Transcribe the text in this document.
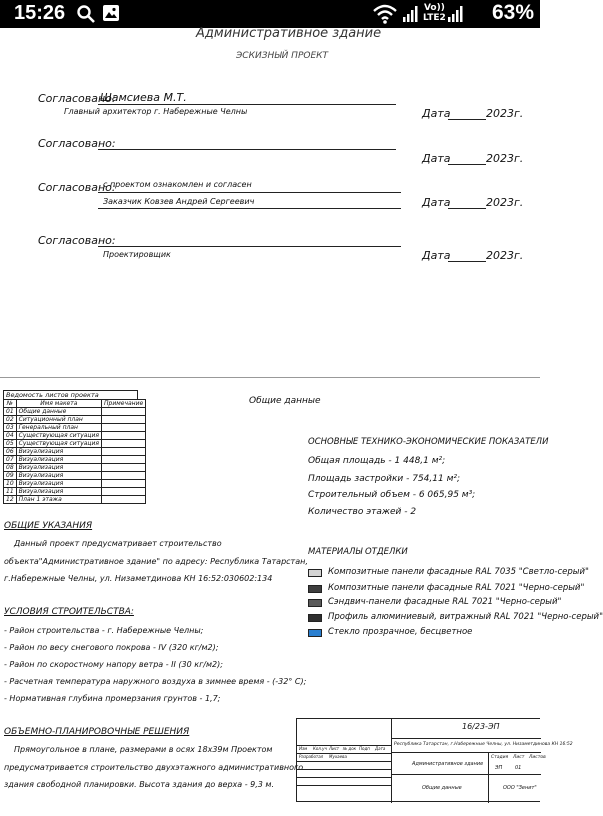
15:26	Vo))
LTE2 63%
Административное здание
ЭСКИЗНЫЙ ПРОЕКТ
Согласовано:
Шамсиева М.Т.
Главный архитектор г. Набережные Челны	Дата	2023г.
Согласовано:
Дата	2023г.
Согласовано:
с проектом ознакомлен и согласен
Заказчик Ковзев Андрей Сергеевич	Дата	2023г.
Согласовано:
Проектировщик	Дата	2023г.
Ведомость листов проекта
№	Имя макета	Примечание
01	Общие данные	
02	Ситуационный план	
03	Генеральный план	
04	Существующая ситуация	
05	Существующая ситуация	
06	Визуализация	
07	Визуализация	
08	Визуализация	
09	Визуализация	
10	Визуализация	
11	Визуализация	
12	План 1 этажа	
Общие данные
ОСНОВНЫЕ ТЕХНИКО-ЭКОНОМИЧЕСКИЕ ПОКАЗАТЕЛИ
Общая площадь - 1 448,1 м²;
Площадь застройки - 754,11 м²;
Строительный объем - 6 065,95 м³;
Количество этажей - 2
МАТЕРИАЛЫ ОТДЕЛКИ
Композитные панели фасадные RAL 7035 "Светло-серый"
Композитные панели фасадные RAL 7021 "Черно-серый"
Сэндвич-панели фасадные RAL 7021 "Черно-серый"
Профиль алюминиевый, витражный RAL 7021 "Черно-серый"
Стекло прозрачное, бесцветное
ОБЩИЕ УКАЗАНИЯ
Данный проект предусматривает строительство
объекта"Административное здание" по адресу: Республика Татарстан,
г.Набережные Челны, ул. Низаметдинова КН 16:52:030602:134
УСЛОВИЯ СТРОИТЕЛЬСТВА:
- Район строительства - г. Набережные Челны;
- Район по весу снегового покрова - IV (320 кг/м2);
- Район по скоростному напору ветра - II (30 кг/м2);
- Расчетная температура наружного воздуха в зимнее время - (-32° С);
- Нормативная глубина промерзания грунтов - 1,7;
ОБЪЕМНО-ПЛАНИРОВОЧНЫЕ РЕШЕНИЯ
Прямоугольное в плане, размерами в осях 18х39м Проектом
предусматривается строительство двухэтажного административного
здания свободной планировки. Высота здания до верха - 9,3 м.
16/23-ЭП
Республика Татарстан, г.Набережные Челны, ул. Низаметдинова КН 16:52
Административное здание
Стадия Лист Листов
ЭП	01
Общие данные	ООО "Зенит"
Изм Кол.уч Лист № док Подп Дата
Разработал Мухаева
